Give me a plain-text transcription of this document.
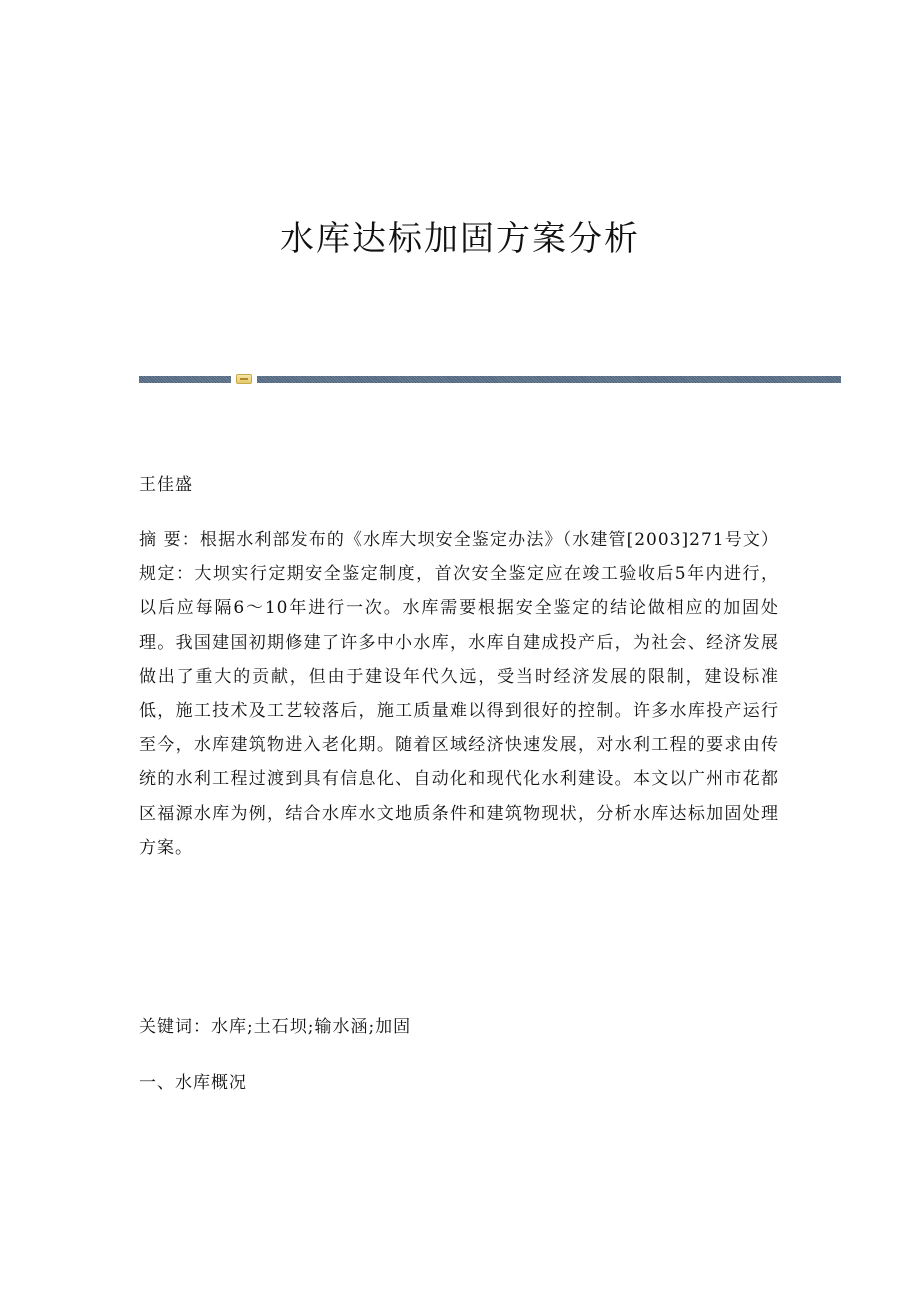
水库达标加固方案分析

王佳盛

摘 要：根据水利部发布的《水库大坝安全鉴定办法》（水建管[2003]271号文）规定：大坝实行定期安全鉴定制度，首次安全鉴定应在竣工验收后5年内进行，以后应每隔6～10年进行一次。水库需要根据安全鉴定的结论做相应的加固处理。我国建国初期修建了许多中小水库，水库自建成投产后，为社会、经济发展做出了重大的贡献，但由于建设年代久远，受当时经济发展的限制，建设标准低，施工技术及工艺较落后，施工质量难以得到很好的控制。许多水库投产运行至今，水库建筑物进入老化期。随着区域经济快速发展，对水利工程的要求由传统的水利工程过渡到具有信息化、自动化和现代化水利建设。本文以广州市花都区福源水库为例，结合水库水文地质条件和建筑物现状，分析水库达标加固处理方案。

关键词：水库;土石坝;输水涵;加固

一、水库概况
